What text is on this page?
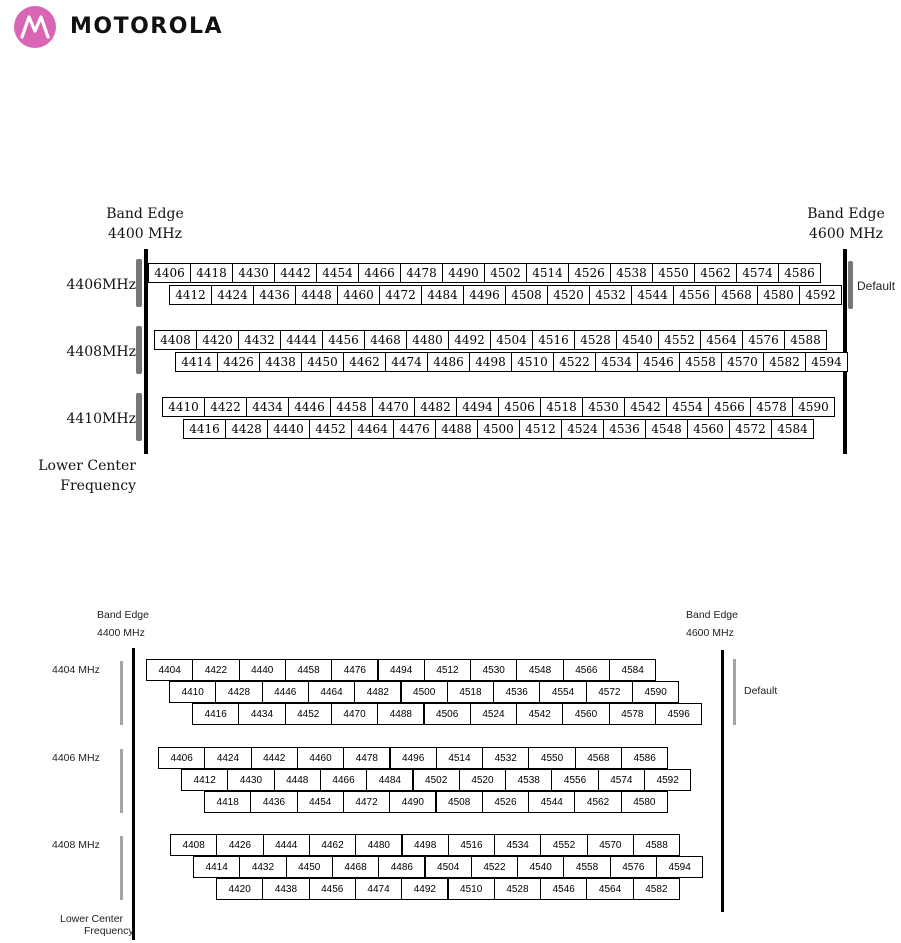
MOTOROLA
Band Edge
4400 MHz
Band Edge
4600 MHz
Default
Lower Center
Frequency
4406MHz
4406 4418 4430 4442 4454 4466 4478 4490 4502 4514 4526 4538 4550 4562 4574 4586
4412 4424 4436 4448 4460 4472 4484 4496 4508 4520 4532 4544 4556 4568 4580 4592
4408MHz
4408 4420 4432 4444 4456 4468 4480 4492 4504 4516 4528 4540 4552 4564 4576 4588
4414 4426 4438 4450 4462 4474 4486 4498 4510 4522 4534 4546 4558 4570 4582 4594
4410MHz
4410 4422 4434 4446 4458 4470 4482 4494 4506 4518 4530 4542 4554 4566 4578 4590
4416 4428 4440 4452 4464 4476 4488 4500 4512 4524 4536 4548 4560 4572 4584
Band Edge
4400 MHz
Band Edge
4600 MHz
Default
Lower Center
Frequency
4404 MHz	4404	4422	4440	4458	4476	4494	4512	4530	4548	4566	4584
4410	4428	4446	4464	4482	4500	4518	4536	4554	4572	4590
4416	4434	4452	4470	4488	4506	4524	4542	4560	4578	4596
4406 MHz	4406	4424	4442	4460	4478	4496	4514	4532	4550	4568	4586
4412	4430	4448	4466	4484	4502	4520	4538	4556	4574	4592
4418	4436	4454	4472	4490	4508	4526	4544	4562	4580
4408 MHz	4408	4426	4444	4462	4480	4498	4516	4534	4552	4570	4588
4414	4432	4450	4468	4486	4504	4522	4540	4558	4576	4594
4420	4438	4456	4474	4492	4510	4528	4546	4564	4582
